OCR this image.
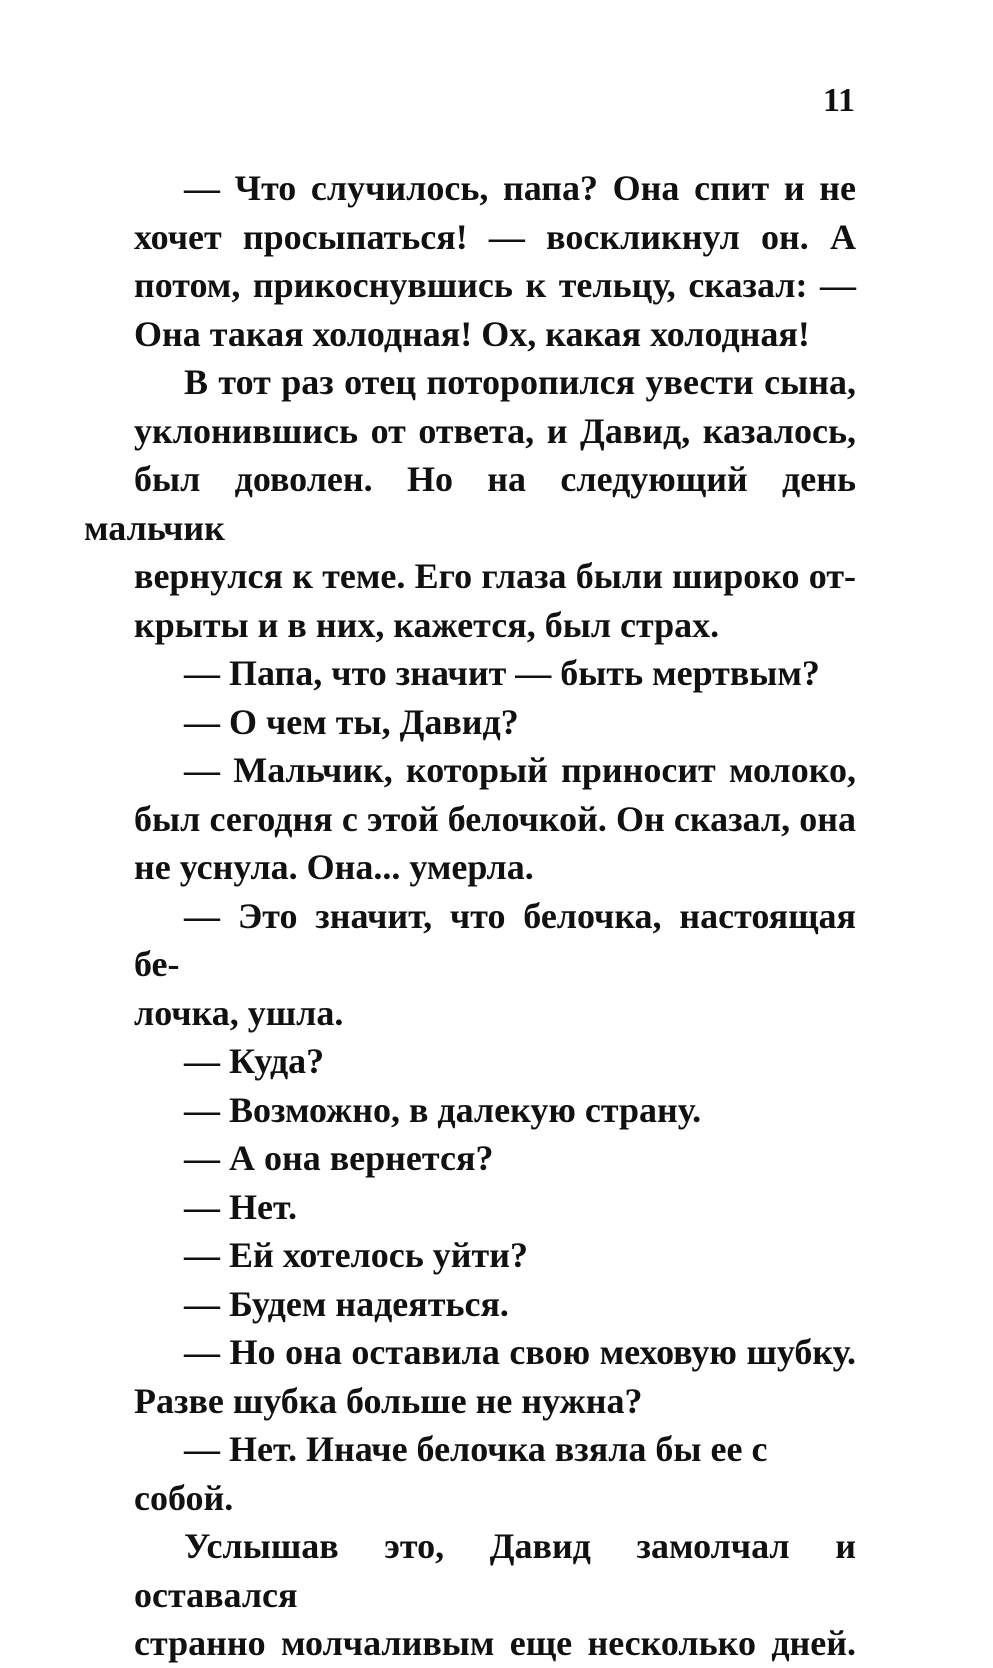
11

— Что случилось, папа? Она спит и не
хочет просыпаться! — воскликнул он. А
потом, прикоснувшись к тельцу, сказал: —
Она такая холодная! Ох, какая холодная!

В тот раз отец поторопился увести сына,
уклонившись от ответа, и Давид, казалось,
был доволен. Но на следующий день мальчик
вернулся к теме. Его глаза были широко от-
крыты и в них, кажется, был страх.

— Папа, что значит — быть мертвым?

— О чем ты, Давид?

— Мальчик, который приносит молоко,
был сегодня с этой белочкой. Он сказал, она
не уснула. Она... умерла.

— Это значит, что белочка, настоящая бе-
лочка, ушла.

— Куда?

— Возможно, в далекую страну.

— А она вернется?

— Нет.

— Ей хотелось уйти?

— Будем надеяться.

— Но она оставила свою меховую шубку.
Разве шубка больше не нужна?

— Нет. Иначе белочка взяла бы ее с собой.

Услышав это, Давид замолчал и оставался
странно молчаливым еще несколько дней.
